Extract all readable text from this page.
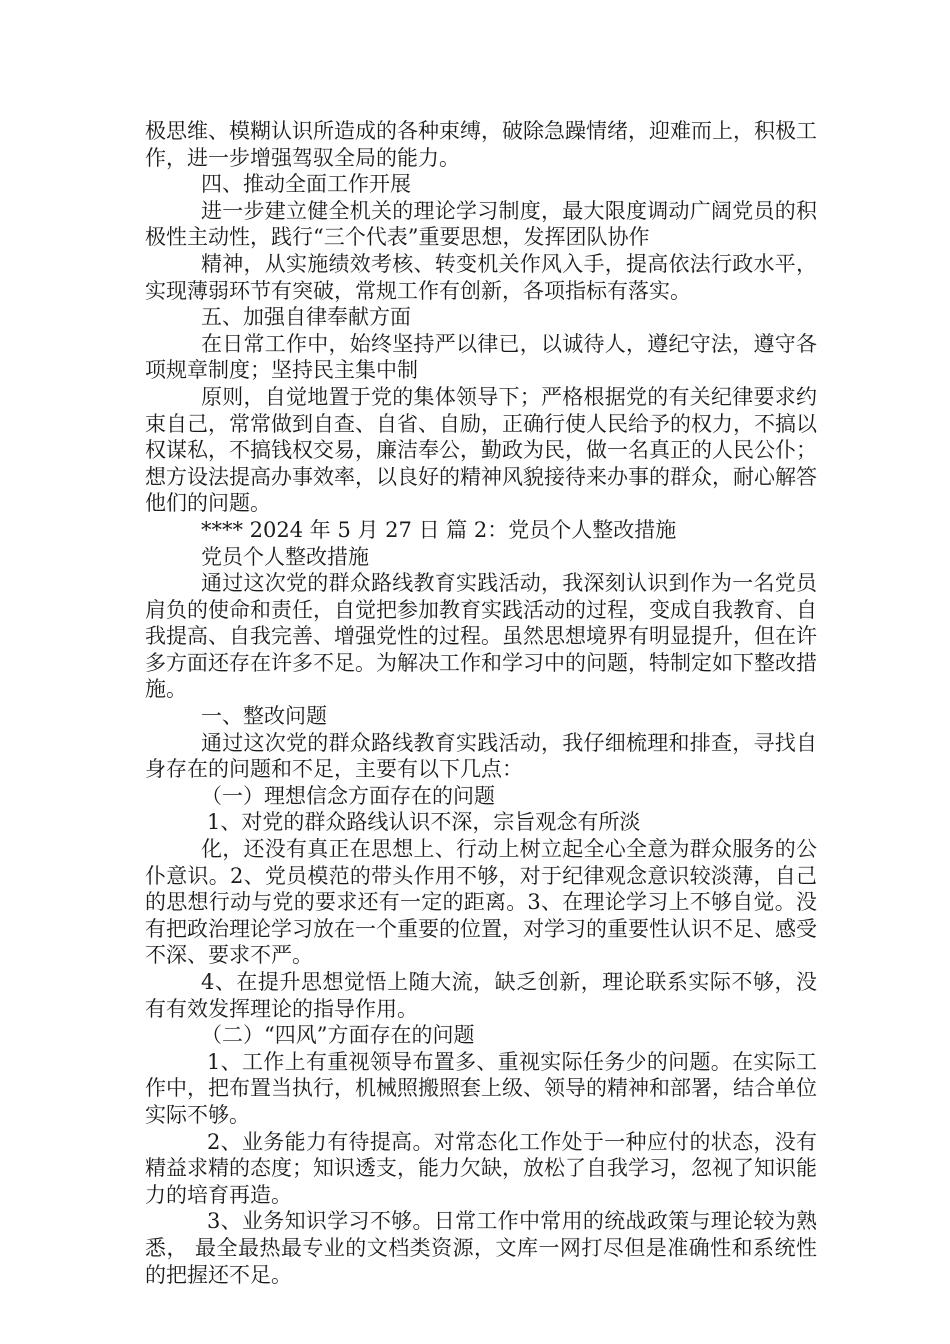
极思维、模糊认识所造成的各种束缚，破除急躁情绪，迎难而上，积极工作，进一步增强驾驭全局的能力。

四、推动全面工作开展

进一步建立健全机关的理论学习制度，最大限度调动广阔党员的积极性主动性，践行“三个代表”重要思想，发挥团队协作

精神，从实施绩效考核、转变机关作风入手，提高依法行政水平，实现薄弱环节有突破，常规工作有创新，各项指标有落实。

五、加强自律奉献方面

在日常工作中，始终坚持严以律已，以诚待人，遵纪守法，遵守各项规章制度；坚持民主集中制

原则，自觉地置于党的集体领导下；严格根据党的有关纪律要求约束自己，常常做到自查、自省、自励，正确行使人民给予的权力，不搞以权谋私，不搞钱权交易，廉洁奉公，勤政为民，做一名真正的人民公仆；想方设法提高办事效率，以良好的精神风貌接待来办事的群众，耐心解答他们的问题。

**** 2024 年 5 月 27 日 篇 2：党员个人整改措施

党员个人整改措施

通过这次党的群众路线教育实践活动，我深刻认识到作为一名党员 肩负的使命和责任，自觉把参加教育实践活动的过程，变成自我教育、自我提高、自我完善、增强党性的过程。虽然思想境界有明显提升，但在许多方面还存在许多不足。为解决工作和学习中的问题，特制定如下整改措施。

一、整改问题

通过这次党的群众路线教育实践活动，我仔细梳理和排查，寻找自身存在的问题和不足，主要有以下几点：

（一）理想信念方面存在的问题

1、对党的群众路线认识不深，宗旨观念有所淡

化，还没有真正在思想上、行动上树立起全心全意为群众服务的公仆意识。2、党员模范的带头作用不够，对于纪律观念意识较淡薄，自己的思想行动与党的要求还有一定的距离。3、在理论学习上不够自觉。没有把政治理论学习放在一个重要的位置，对学习的重要性认识不足、感受不深、要求不严。

4、在提升思想觉悟上随大流，缺乏创新，理论联系实际不够，没有有效发挥理论的指导作用。

（二）“四风”方面存在的问题

1、工作上有重视领导布置多、重视实际任务少的问题。在实际工作中，把布置当执行，机械照搬照套上级、领导的精神和部署，结合单位实际不够。

2、业务能力有待提高。对常态化工作处于一种应付的状态，没有精益求精的态度；知识透支，能力欠缺，放松了自我学习，忽视了知识能力的培育再造。

3、业务知识学习不够。日常工作中常用的统战政策与理论较为熟悉， 最全最热最专业的文档类资源，文库一网打尽但是准确性和系统性的把握还不足。
